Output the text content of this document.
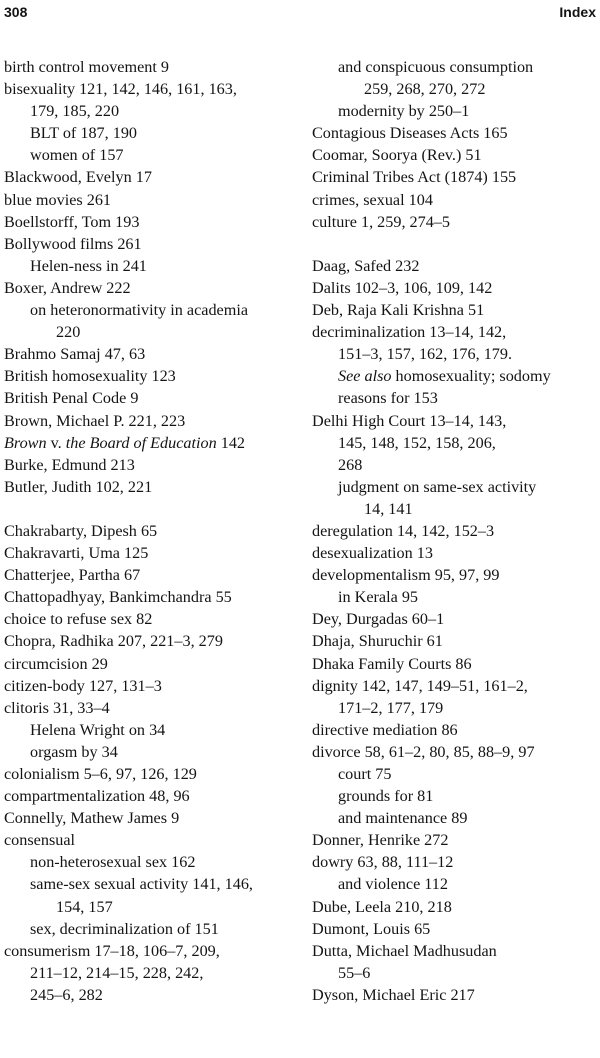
308	Index
birth control movement 9
bisexuality 121, 142, 146, 161, 163,
179, 185, 220
BLT of 187, 190
women of 157
Blackwood, Evelyn 17
blue movies 261
Boellstorff, Tom 193
Bollywood films 261
Helen-ness in 241
Boxer, Andrew 222
on heteronormativity in academia
220
Brahmo Samaj 47, 63
British homosexuality 123
British Penal Code 9
Brown, Michael P. 221, 223
Brown v. the Board of Education 142
Burke, Edmund 213
Butler, Judith 102, 221
Chakrabarty, Dipesh 65
Chakravarti, Uma 125
Chatterjee, Partha 67
Chattopadhyay, Bankimchandra 55
choice to refuse sex 82
Chopra, Radhika 207, 221–3, 279
circumcision 29
citizen-body 127, 131–3
clitoris 31, 33–4
Helena Wright on 34
orgasm by 34
colonialism 5–6, 97, 126, 129
compartmentalization 48, 96
Connelly, Mathew James 9
consensual
non-heterosexual sex 162
same-sex sexual activity 141, 146,
154, 157
sex, decriminalization of 151
consumerism 17–18, 106–7, 209,
211–12, 214–15, 228, 242,
245–6, 282
and conspicuous consumption
259, 268, 270, 272
modernity by 250–1
Contagious Diseases Acts 165
Coomar, Soorya (Rev.) 51
Criminal Tribes Act (1874) 155
crimes, sexual 104
culture 1, 259, 274–5
Daag, Safed 232
Dalits 102–3, 106, 109, 142
Deb, Raja Kali Krishna 51
decriminalization 13–14, 142,
151–3, 157, 162, 176, 179.
See also homosexuality; sodomy
reasons for 153
Delhi High Court 13–14, 143,
145, 148, 152, 158, 206,
268
judgment on same-sex activity
14, 141
deregulation 14, 142, 152–3
desexualization 13
developmentalism 95, 97, 99
in Kerala 95
Dey, Durgadas 60–1
Dhaja, Shuruchir 61
Dhaka Family Courts 86
dignity 142, 147, 149–51, 161–2,
171–2, 177, 179
directive mediation 86
divorce 58, 61–2, 80, 85, 88–9, 97
court 75
grounds for 81
and maintenance 89
Donner, Henrike 272
dowry 63, 88, 111–12
and violence 112
Dube, Leela 210, 218
Dumont, Louis 65
Dutta, Michael Madhusudan
55–6
Dyson, Michael Eric 217
